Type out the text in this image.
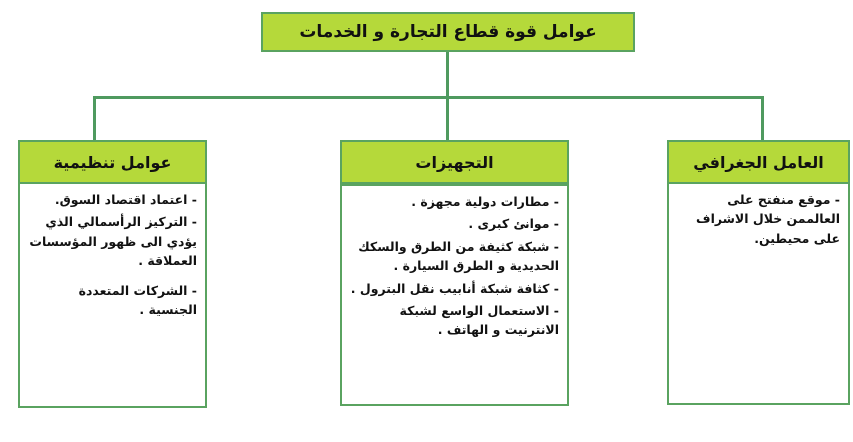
عوامل قوة قطاع التجارة و الخدمات
العامل الجغرافي
- موقع منفتح على العالممن خلال الاشراف على محيطين.
التجهيزات
- مطارات دولية مجهزة .
- موانئ كبرى .
- شبكة كثيفة من الطرق والسكك الحديدية و الطرق السيارة .
- كثافة شبكة أنابيب نقل البترول .
- الاستعمال الواسع لشبكة الانترنيت و الهاتف .
عوامل تنظيمية
- اعتماد اقتصاد السوق.
- التركيز الرأسمالي الذي يؤدي الى ظهور المؤسسات العملاقة .
- الشركات المتعددة الجنسية .
